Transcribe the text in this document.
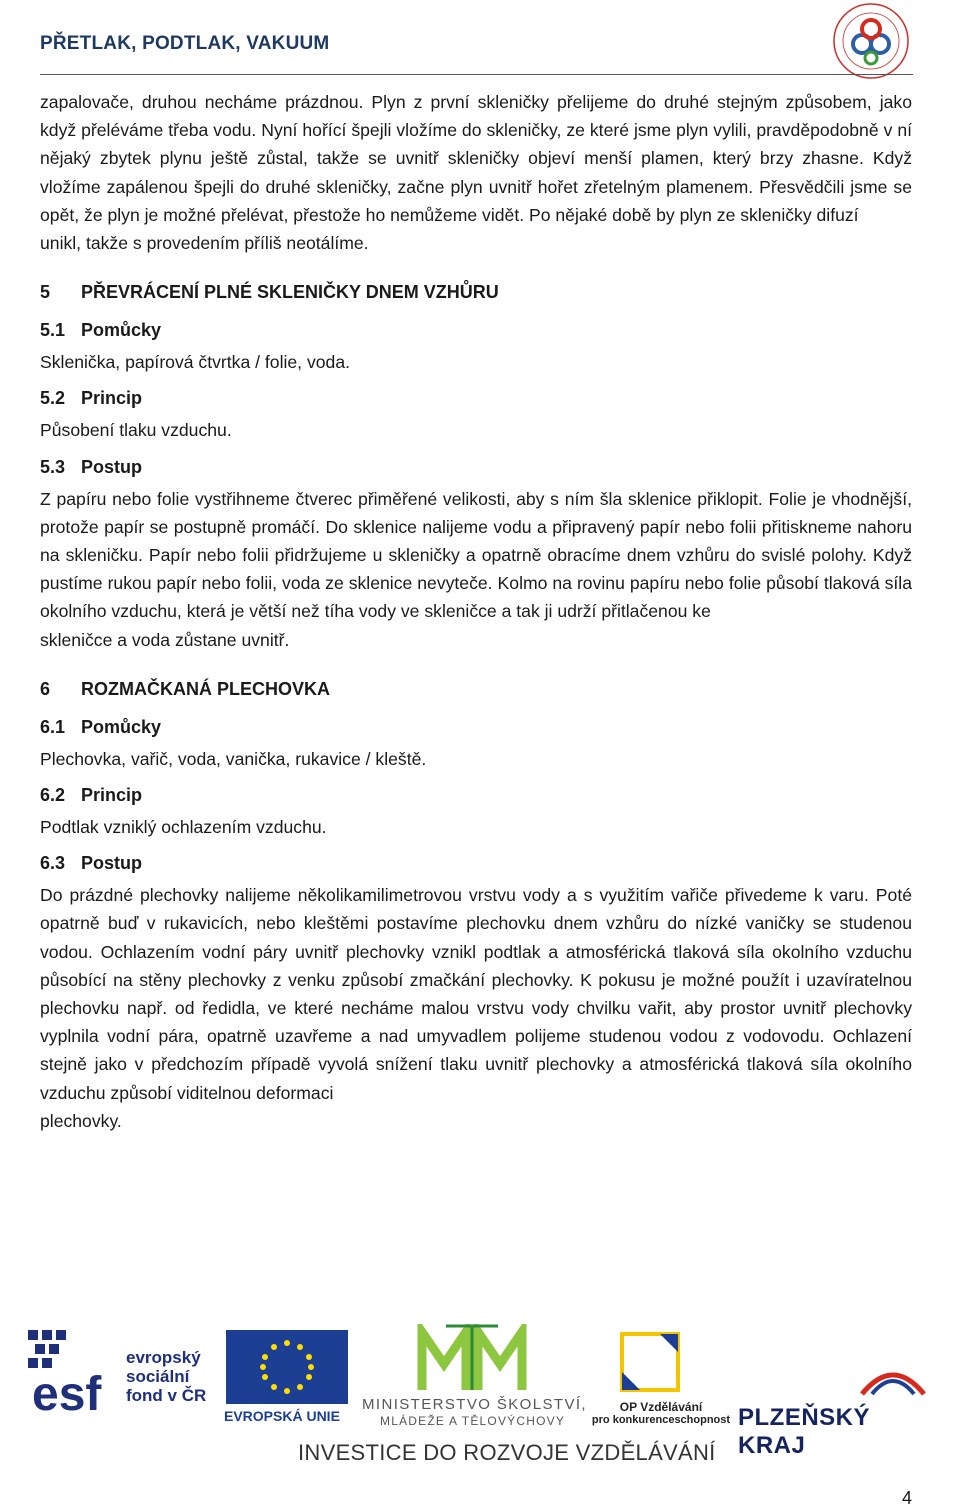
PŘETLAK, PODTLAK, VAKUUM

zapalovače, druhou necháme prázdnou. Plyn z první skleničky přelijeme do druhé stejným způsobem, jako když přeléváme třeba vodu. Nyní hořící špejli vložíme do skleničky, ze které jsme plyn vylili, pravděpodobně v ní nějaký zbytek plynu ještě zůstal, takže se uvnitř skleničky objeví menší plamen, který brzy zhasne. Když vložíme zapálenou špejli do druhé skleničky, začne plyn uvnitř hořet zřetelným plamenem. Přesvědčili jsme se opět, že plyn je možné přelévat, přestože ho nemůžeme vidět. Po nějaké době by plyn ze skleničky difuzí

unikl, takže s provedením příliš neotálíme.

5 PŘEVRÁCENÍ PLNÉ SKLENIČKY DNEM VZHŮRU
5.1 Pomůcky

Sklenička, papírová čtvrtka / folie, voda.

5.2 Princip

Působení tlaku vzduchu.

5.3 Postup

Z papíru nebo folie vystřihneme čtverec přiměřené velikosti, aby s ním šla sklenice přiklopit. Folie je vhodnější, protože papír se postupně promáčí. Do sklenice nalijeme vodu a připravený papír nebo folii přitiskneme nahoru na skleničku. Papír nebo folii přidržujeme u skleničky a opatrně obracíme dnem vzhůru do svislé polohy. Když pustíme rukou papír nebo folii, voda ze sklenice nevyteče. Kolmo na rovinu papíru nebo folie působí tlaková síla okolního vzduchu, která je větší než tíha vody ve skleničce a tak ji udrží přitlačenou ke

skleničce a voda zůstane uvnitř.

6 ROZMAČKANÁ PLECHOVKA
6.1 Pomůcky

Plechovka, vařič, voda, vanička, rukavice / kleště.

6.2 Princip

Podtlak vzniklý ochlazením vzduchu.

6.3 Postup

Do prázdné plechovky nalijeme několikamilimetrovou vrstvu vody a s využitím vařiče přivedeme k varu. Poté opatrně buď v rukavicích, nebo kleštěmi postavíme plechovku dnem vzhůru do nízké vaničky se studenou vodou. Ochlazením vodní páry uvnitř plechovky vznikl podtlak a atmosférická tlaková síla okolního vzduchu působící na stěny plechovky z venku způsobí zmačkání plechovky. K pokusu je možné použít i uzavíratelnou plechovku např. od ředidla, ve které necháme malou vrstvu vody chvilku vařit, aby prostor uvnitř plechovky vyplnila vodní pára, opatrně uzavřeme a nad umyvadlem polijeme studenou vodou z vodovodu. Ochlazení stejně jako v předchozím případě vyvolá snížení tlaku uvnitř plechovky a atmosférická tlaková síla okolního vzduchu způsobí viditelnou deformaci

plechovky.

esf
evropský
sociální
fond v ČR
EVROPSKÁ UNIE
MINISTERSTVO ŠKOLSTVÍ,
MLÁDEŽE A TĚLOVÝCHOVY
OP Vzdělávání
pro konkurenceschopnost PLZEŇSKÝ KRAJ
INVESTICE DO ROZVOJE VZDĚLÁVÁNÍ
4
